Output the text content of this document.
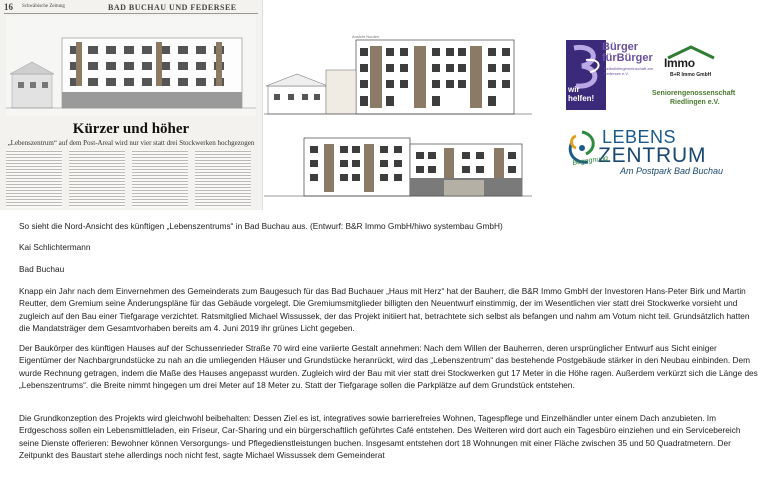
16 Schwäbische Zeitung	BAD BUCHAU UND FEDERSEE
Kürzer und höher
„Lebenszentrum“ auf dem Post-Areal wird nur vier statt drei Stockwerken hochgezogen
Ansicht Norden
Bürger
fürBürger
Selbsthilfegemeinschaft am Federsee e.V.
wir helfen!
Immo
B+R Immo GmbH
Seniorengenossenschaft
Riedlingen e.V.
LEBENS
ZENTRUM
Begegnung
Am Postpark Bad Buchau
So sieht die Nord-Ansicht des künftigen „Lebenszentrums“ in Bad Buchau aus. (Entwurf: B&R Immo GmbH/hiwo systembau GmbH)
Kai Schlichtermann
Bad Buchau

Knapp ein Jahr nach dem Einvernehmen des Gemeinderats zum Baugesuch für das Bad Buchauer „Haus mit Herz“ hat der Bauherr, die B&R Immo GmbH der Investoren Hans-Peter Birk und Martin Reutter, dem Gremium seine Änderungspläne für das Gebäude vorgelegt. Die Gremiumsmitglieder billigten den Neuentwurf einstimmig, der im Wesentlichen vier statt drei Stockwerke vorsieht und zugleich auf den Bau einer Tiefgarage verzichtet. Ratsmitglied Michael Wissussek, der das Projekt initiiert hat, betrachtete sich selbst als befangen und nahm am Votum nicht teil. Grundsätzlich hatten die Mandatsträger dem Gesamtvorhaben bereits am 4. Juni 2019 ihr grünes Licht gegeben.

Der Baukörper des künftigen Hauses auf der Schussenrieder Straße 70 wird eine variierte Gestalt annehmen: Nach dem Willen der Bauherren, deren ursprünglicher Entwurf aus Sicht einiger Eigentümer der Nachbargrundstücke zu nah an die umliegenden Häuser und Grundstücke heranrückt, wird das „Lebenszentrum“ das bestehende Postgebäude stärker in den Neubau einbinden. Dem wurde Rechnung getragen, indem die Maße des Hauses angepasst wurden. Zugleich wird der Bau mit vier statt drei Stockwerken gut 17 Meter in die Höhe ragen. Außerdem verkürzt sich die Länge des „Lebenszentrums“. die Breite nimmt hingegen um drei Meter auf 18 Meter zu. Statt der Tiefgarage sollen die Parkplätze auf dem Grundstück entstehen.

Die Grundkonzeption des Projekts wird gleichwohl beibehalten: Dessen Ziel es ist, integratives sowie barrierefreies Wohnen, Tagespflege und Einzelhändler unter einem Dach anzubieten. Im Erdgeschoss sollen ein Lebensmittleladen, ein Friseur, Car-Sharing und ein bürgerschaftlich geführtes Café entstehen. Des Weiteren wird dort auch ein Tagesbüro einziehen und ein Servicebereich seine Dienste offerieren: Bewohner können Versorgungs- und Pflegedienstleistungen buchen. Insgesamt entstehen dort 18 Wohnungen mit einer Fläche zwischen 35 und 50 Quadratmetern. Der Zeitpunkt des Baustart stehe allerdings noch nicht fest, sagte Michael Wissussek dem Gemeinderat
